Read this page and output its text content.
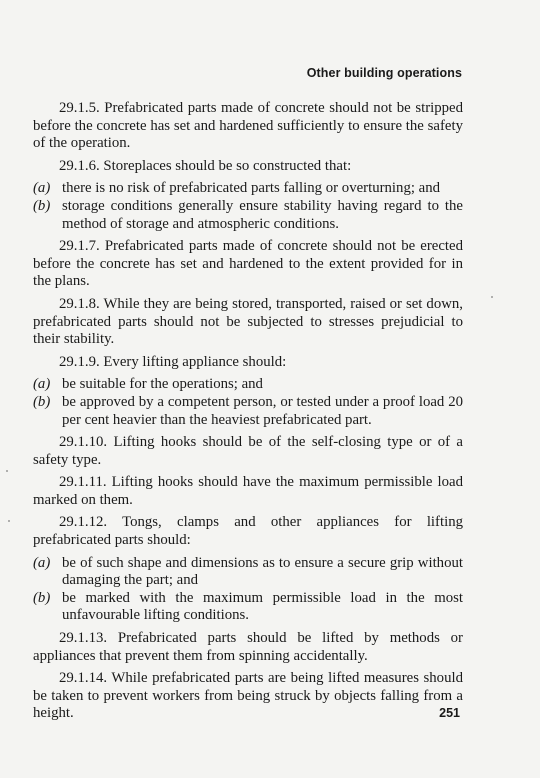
Other building operations

29.1.5. Prefabricated parts made of concrete should not be stripped before the concrete has set and hardened sufficiently to ensure the safety of the operation.

29.1.6. Storeplaces should be so constructed that:

(a) there is no risk of prefabricated parts falling or overturning; and

(b) storage conditions generally ensure stability having regard to the method of storage and atmospheric conditions.

29.1.7. Prefabricated parts made of concrete should not be erected before the concrete has set and hardened to the extent provided for in the plans.

29.1.8. While they are being stored, transported, raised or set down, prefabricated parts should not be subjected to stresses prejudicial to their stability.

29.1.9. Every lifting appliance should:

(a) be suitable for the operations; and

(b) be approved by a competent person, or tested under a proof load 20 per cent heavier than the heaviest prefabricated part.

29.1.10. Lifting hooks should be of the self-closing type or of a safety type.

29.1.11. Lifting hooks should have the maximum permissible load marked on them.

29.1.12. Tongs, clamps and other appliances for lifting prefabricated parts should:

(a) be of such shape and dimensions as to ensure a secure grip without damaging the part; and

(b) be marked with the maximum permissible load in the most unfavourable lifting conditions.

29.1.13. Prefabricated parts should be lifted by methods or appliances that prevent them from spinning accidentally.

29.1.14. While prefabricated parts are being lifted measures should be taken to prevent workers from being struck by objects falling from a height.	251
